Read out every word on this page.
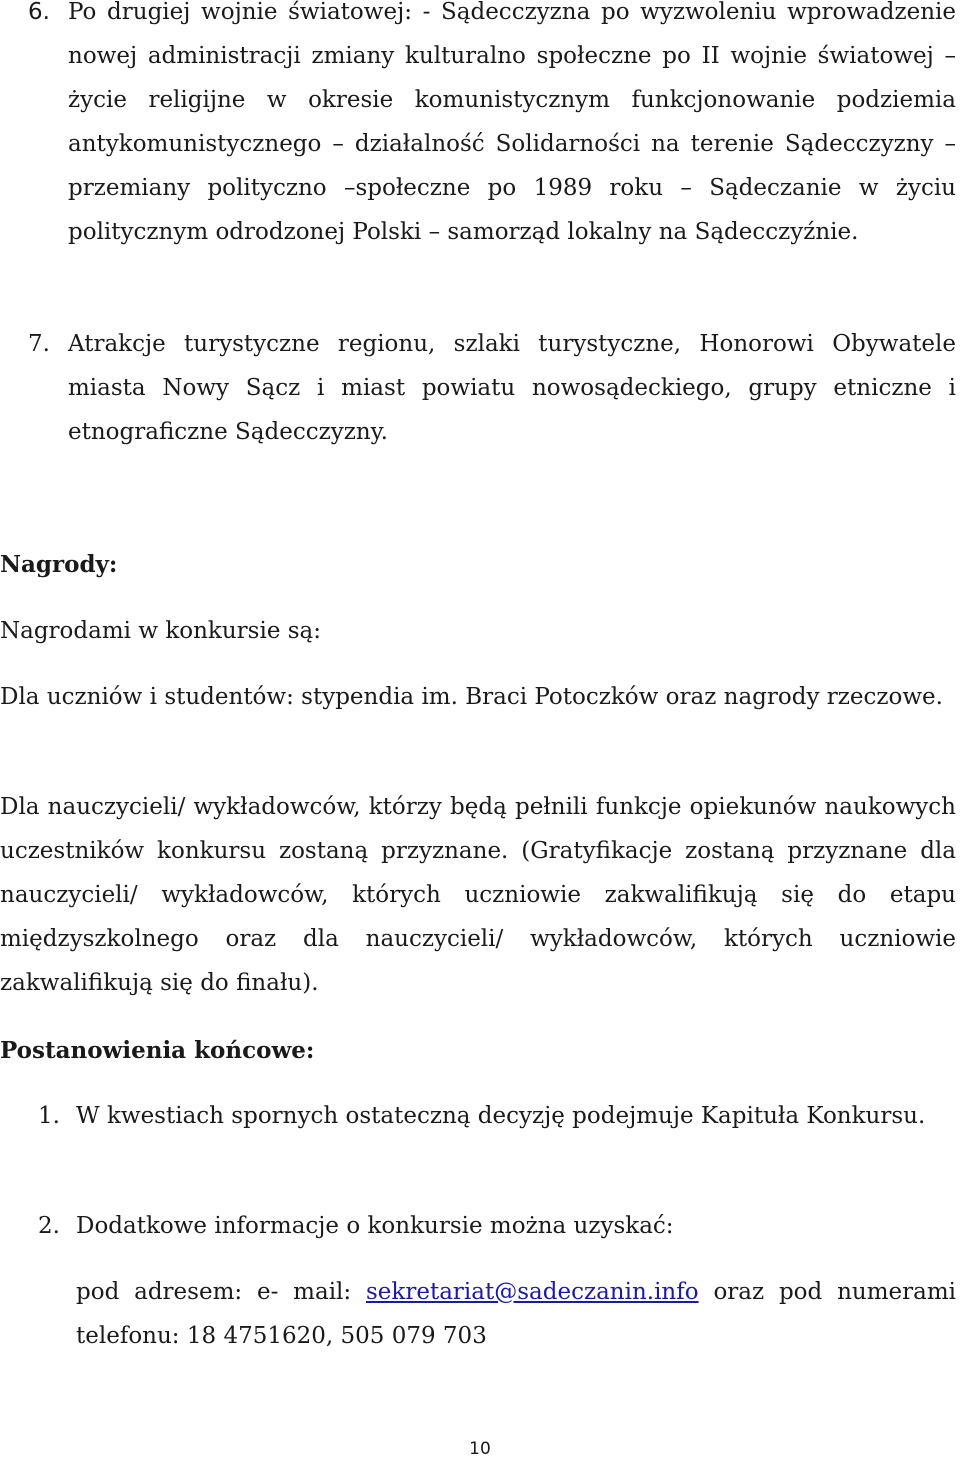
6. Po drugiej wojnie światowej: - Sądecczyzna po wyzwoleniu wprowadzenie nowej administracji zmiany kulturalno społeczne po II wojnie światowej – życie religijne w okresie komunistycznym funkcjonowanie podziemia antykomunistycznego – działalność Solidarności na terenie Sądecczyzny – przemiany polityczno –społeczne po 1989 roku – Sądeczanie w życiu politycznym odrodzonej Polski – samorząd lokalny na Sądecczyźnie.
7. Atrakcje turystyczne regionu, szlaki turystyczne, Honorowi Obywatele miasta Nowy Sącz i miast powiatu nowosądeckiego, grupy etniczne i etnograficzne Sądecczyzny.
Nagrody:
Nagrodami w konkursie są:
Dla uczniów i studentów: stypendia im. Braci Potoczków oraz nagrody rzeczowe.
Dla nauczycieli/ wykładowców, którzy będą pełnili funkcje opiekunów naukowych uczestników konkursu zostaną przyznane. (Gratyfikacje zostaną przyznane dla nauczycieli/ wykładowców, których uczniowie zakwalifikują się do etapu międzyszkolnego oraz dla nauczycieli/ wykładowców, których uczniowie zakwalifikują się do finału).
Postanowienia końcowe:
1. W kwestiach spornych ostateczną decyzję podejmuje Kapituła Konkursu.
2. Dodatkowe informacje o konkursie można uzyskać:
pod adresem: e- mail: sekretariat@sadeczanin.info oraz pod numerami telefonu: 18 4751620, 505 079 703
10
